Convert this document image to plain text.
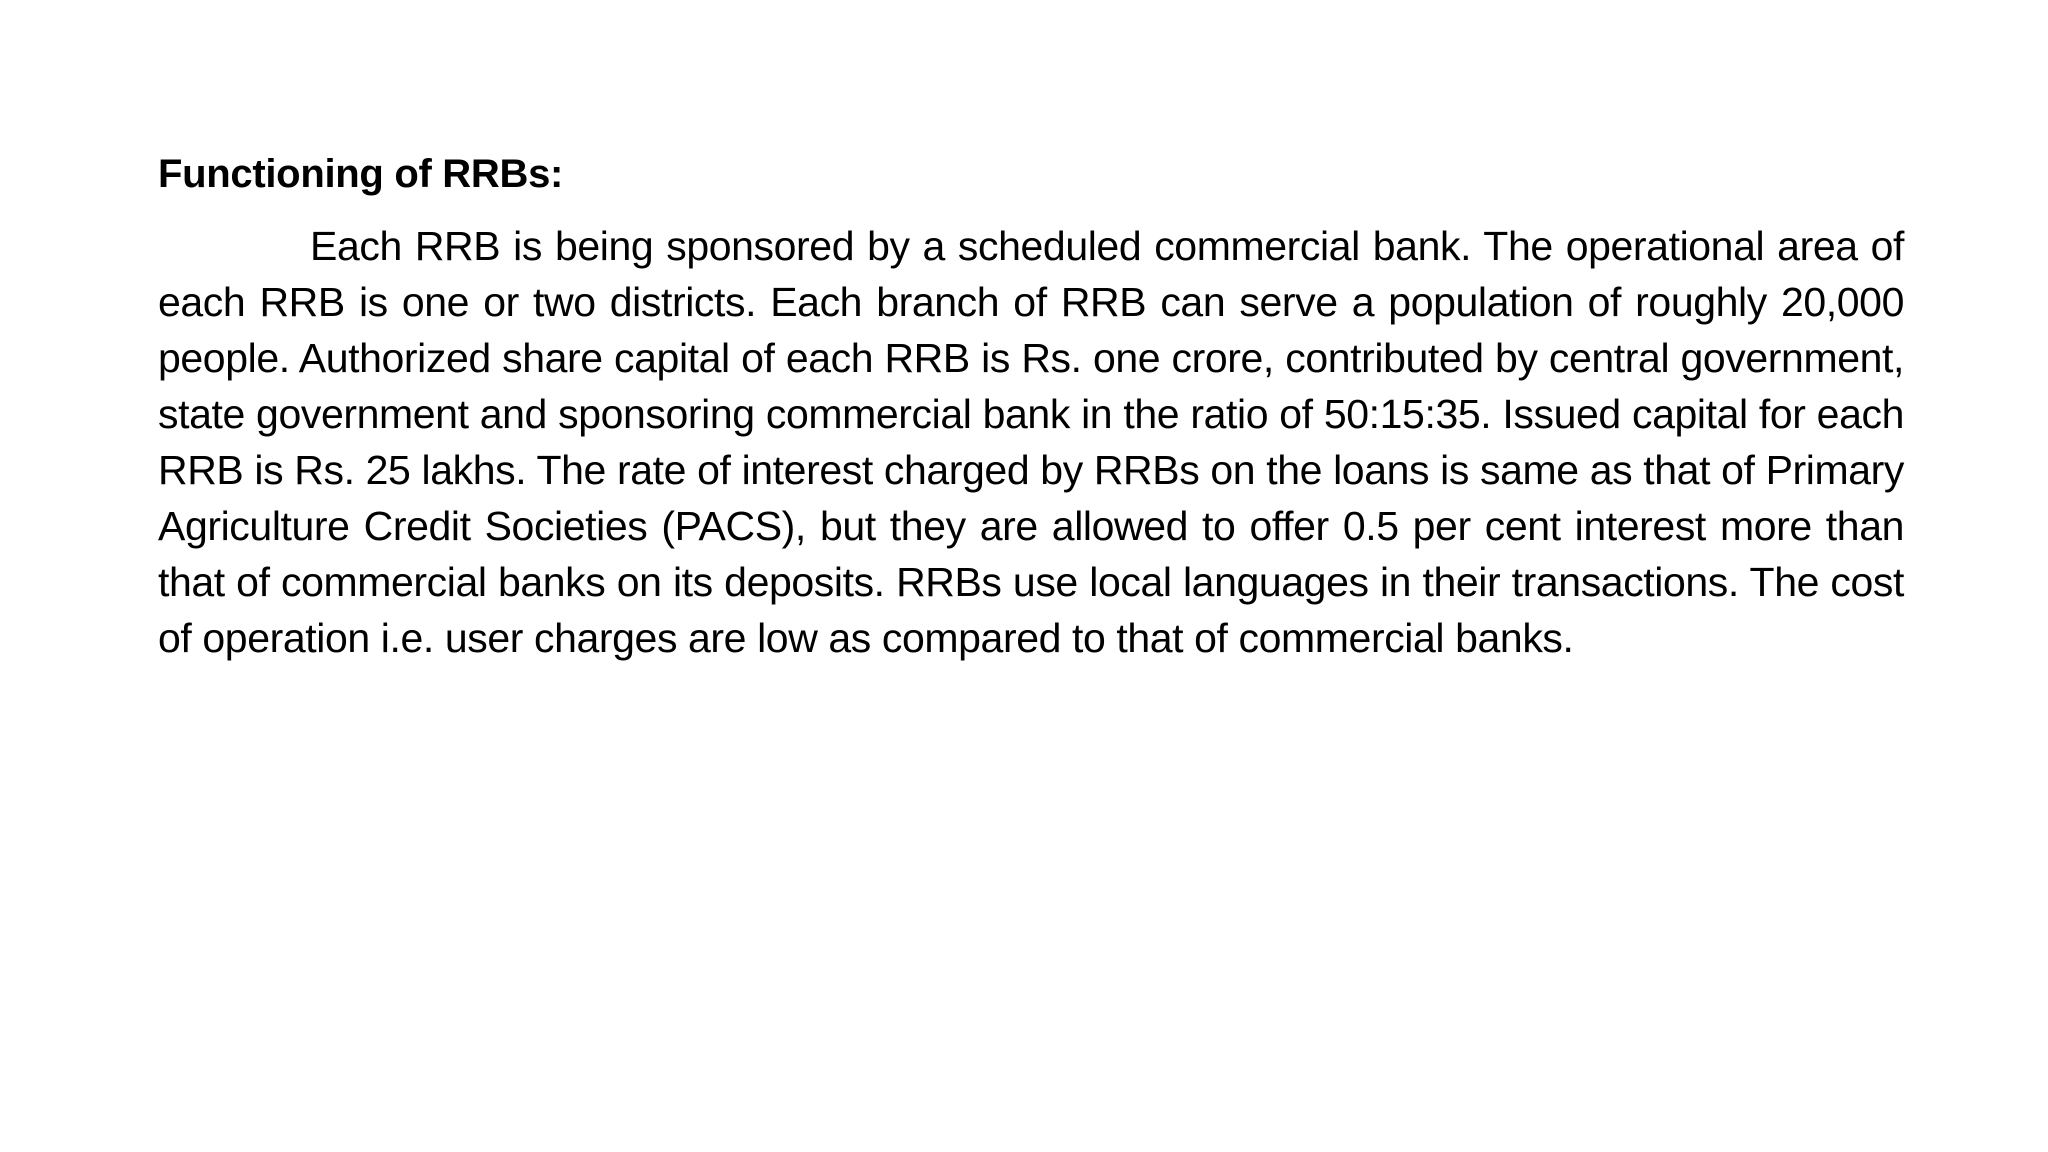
Functioning of RRBs:

Each RRB is being sponsored by a scheduled commercial bank. The operational area of each RRB is one or two districts. Each branch of RRB can serve a population of roughly 20,000 people. Authorized share capital of each RRB is Rs. one crore, contributed by central government, state government and sponsoring commercial bank in the ratio of 50:15:35. Issued capital for each RRB is Rs. 25 lakhs. The rate of interest charged by RRBs on the loans is same as that of Primary Agriculture Credit Societies (PACS), but they are allowed to offer 0.5 per cent interest more than that of commercial banks on its deposits. RRBs use local languages in their transactions. The cost of operation i.e. user charges are low as compared to that of commercial banks.
